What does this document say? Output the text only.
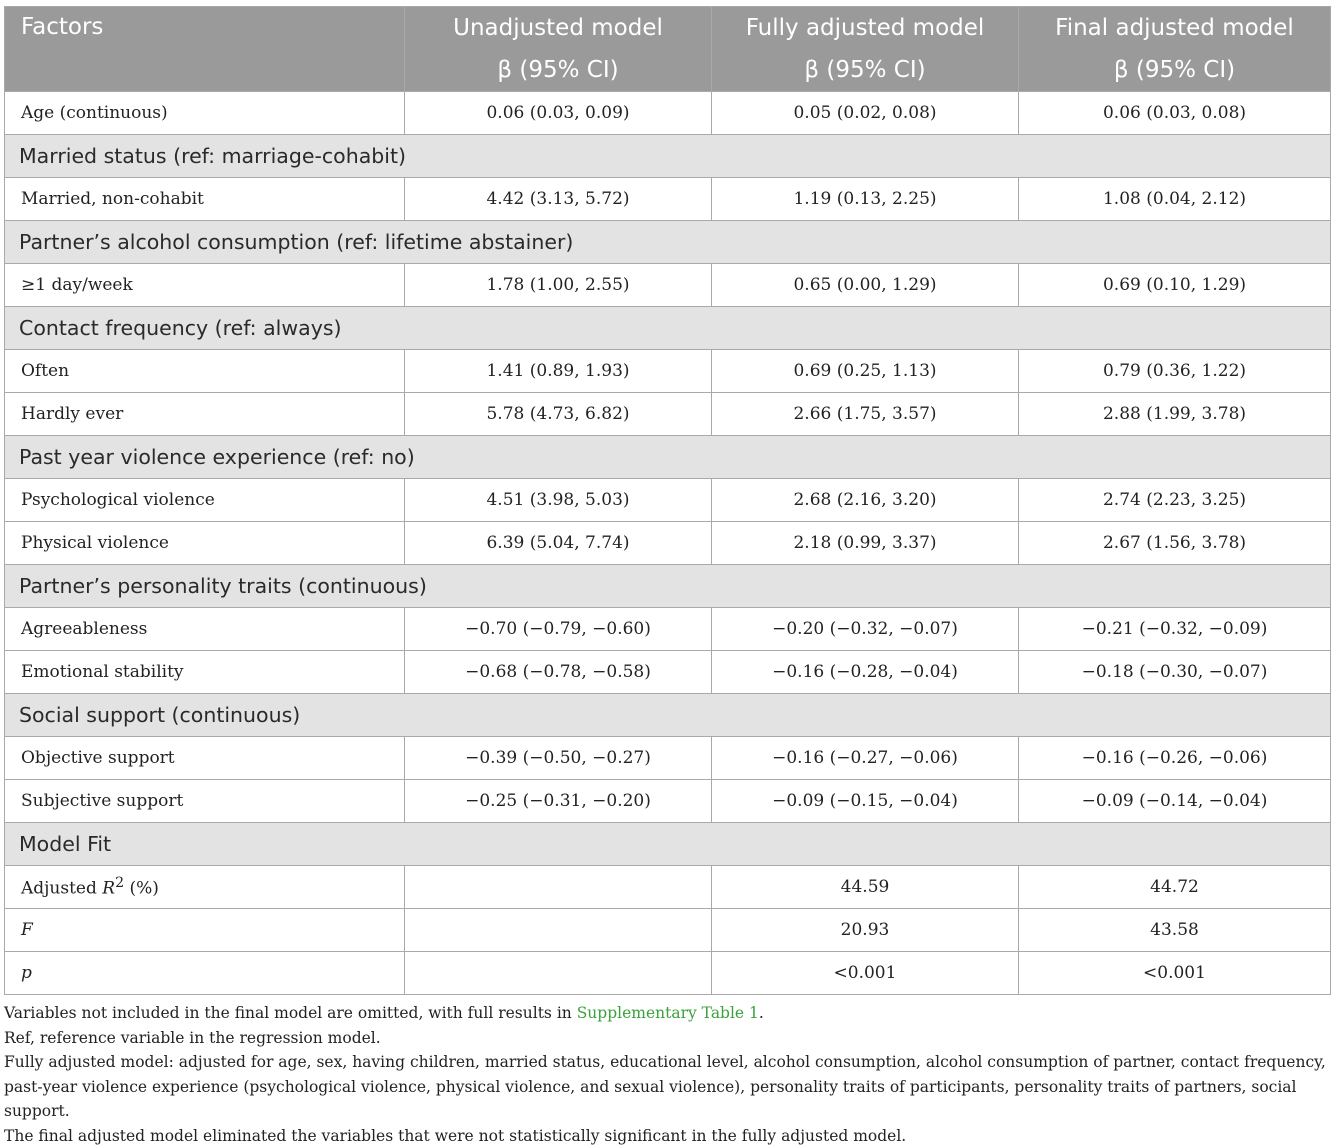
Factors	Unadjusted model	Fully adjusted model	Final adjusted model
	β (95% CI)	β (95% CI)	β (95% CI)
Age (continuous)	0.06 (0.03, 0.09)	0.05 (0.02, 0.08)	0.06 (0.03, 0.08)
Married status (ref: marriage-cohabit)			
Married, non-cohabit	4.42 (3.13, 5.72)	1.19 (0.13, 2.25)	1.08 (0.04, 2.12)
Partner’s alcohol consumption (ref: lifetime abstainer)			
≥1 day/week	1.78 (1.00, 2.55)	0.65 (0.00, 1.29)	0.69 (0.10, 1.29)
Contact frequency (ref: always)			
Often	1.41 (0.89, 1.93)	0.69 (0.25, 1.13)	0.79 (0.36, 1.22)
Hardly ever	5.78 (4.73, 6.82)	2.66 (1.75, 3.57)	2.88 (1.99, 3.78)
Past year violence experience (ref: no)			
Psychological violence	4.51 (3.98, 5.03)	2.68 (2.16, 3.20)	2.74 (2.23, 3.25)
Physical violence	6.39 (5.04, 7.74)	2.18 (0.99, 3.37)	2.67 (1.56, 3.78)
Partner’s personality traits (continuous)			
Agreeableness	−0.70 (−0.79, −0.60)	−0.20 (−0.32, −0.07)	−0.21 (−0.32, −0.09)
Emotional stability	−0.68 (−0.78, −0.58)	−0.16 (−0.28, −0.04)	−0.18 (−0.30, −0.07)
Social support (continuous)			
Objective support	−0.39 (−0.50, −0.27)	−0.16 (−0.27, −0.06)	−0.16 (−0.26, −0.06)
Subjective support	−0.25 (−0.31, −0.20)	−0.09 (−0.15, −0.04)	−0.09 (−0.14, −0.04)
Model Fit			
Adjusted $R^2$ (%)		44.59	44.72
F		20.93	43.58
p		<0.001	<0.001

Variables not included in the final model are omitted, with full results in Supplementary Table 1.

Ref, reference variable in the regression model.

Fully adjusted model: adjusted for age, sex, having children, married status, educational level, alcohol consumption, alcohol consumption of partner, contact frequency, past-year violence experience (psychological violence, physical violence, and sexual violence), personality traits of participants, personality traits of partners, social support.

The final adjusted model eliminated the variables that were not statistically significant in the fully adjusted model.
